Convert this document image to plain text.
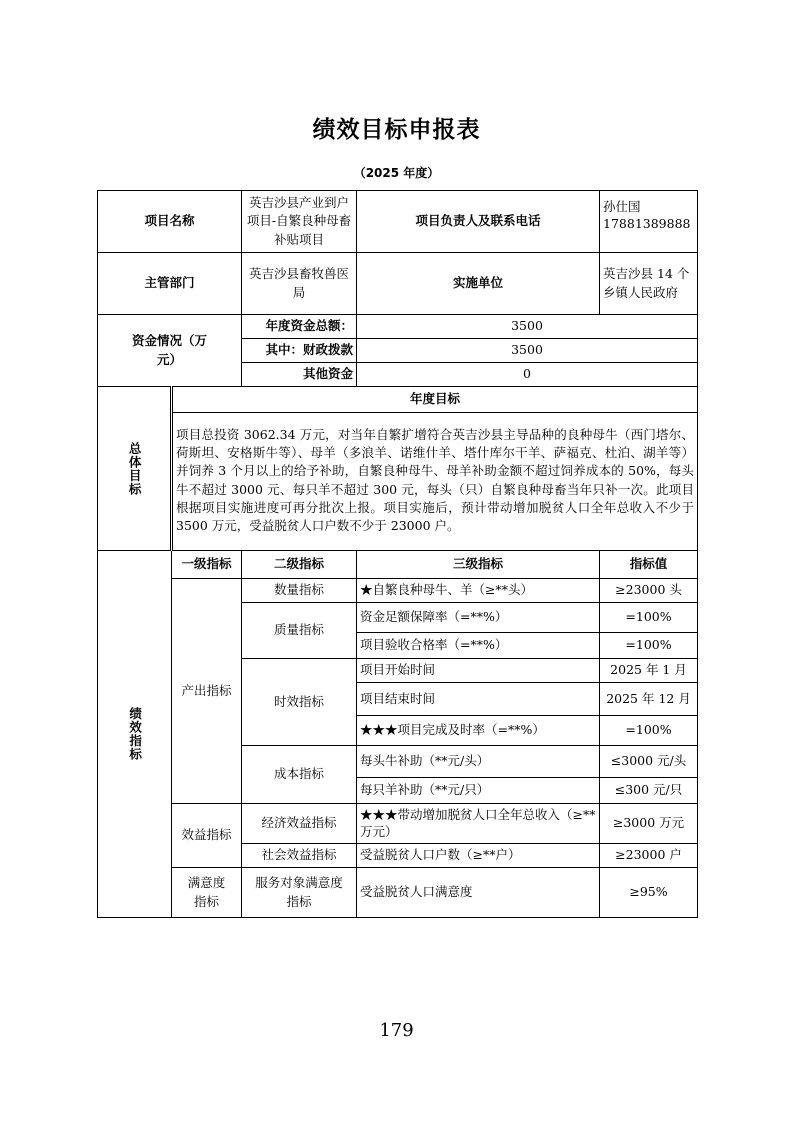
绩效目标申报表
（2025 年度）
项目名称		英吉沙县产业到户项目-自繁良种母畜补贴项目	项目负责人及联系电话	孙仕国
17881389888

主管部门		英吉沙县畜牧兽医局	实施单位	英吉沙县 14 个乡镇人民政府

资金情况（万元）		年度资金总额：	3500	
		其中：财政拨款	3500	
		其他资金	0	

总体目标	年度目标			
	项目总投资 3062.34 万元，对当年自繁扩增符合英吉沙县主导品种的良种母牛（西门塔尔、荷斯坦、安格斯牛等）、母羊（多浪羊、诺维什羊、塔什库尔干羊、萨福克、杜泊、湖羊等）并饲养 3 个月以上的给予补助，自繁良种母牛、母羊补助金额不超过饲养成本的 50%，每头牛不超过 3000 元、每只羊不超过 300 元，每头（只）自繁良种母畜当年只补一次。此项目根据项目实施进度可再分批次上报。项目实施后，预计带动增加脱贫人口全年总收入不少于 3500 万元，受益脱贫人口户数不少于 23000 户。			

绩效指标	一级指标	二级指标	三级指标	指标值
	产出指标	数量指标	★自繁良种母牛、羊（≥**头）	≥23000 头
		质量指标	资金足额保障率（=**%）	=100%
			项目验收合格率（=**%）	=100%
		时效指标	项目开始时间	2025 年 1 月
			项目结束时间	2025 年 12 月
			★★★项目完成及时率（=**%）	=100%
		成本指标	每头牛补助（**元/头）	≤3000 元/头
			每只羊补助（**元/只）	≤300 元/只
	效益指标	经济效益指标	★★★带动增加脱贫人口全年总收入（≥**万元）	≥3000 万元
		社会效益指标	受益脱贫人口户数（≥**户）	≥23000 户

	满意度指标	服务对象满意度指标	受益脱贫人口满意度	≥95%
179
